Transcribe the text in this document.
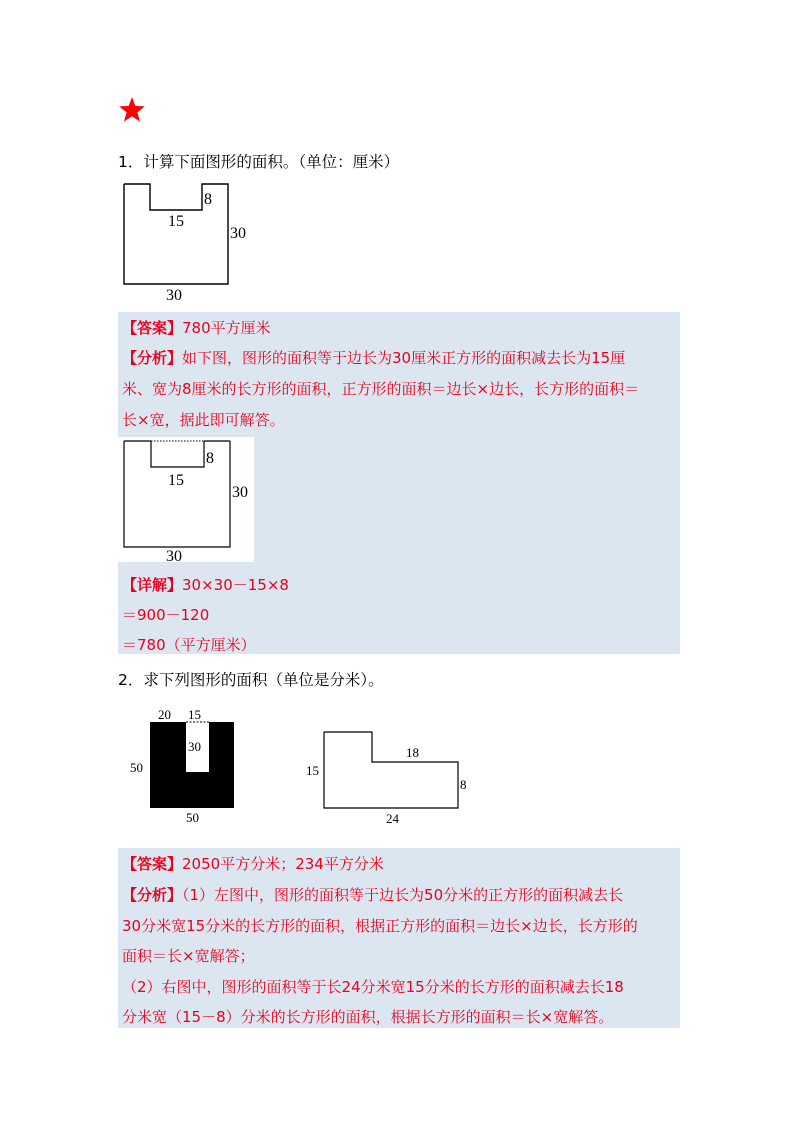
1．计算下面图形的面积。（单位：厘米）
15
8
30
30
【答案】780平方厘米
【分析】如下图，图形的面积等于边长为30厘米正方形的面积减去长为15厘
米、宽为8厘米的长方形的面积，正方形的面积＝边长×边长，长方形的面积＝
长×宽，据此即可解答。
15
8
30
30
【详解】30×30－15×8
＝900－120
＝780（平方厘米）
2．求下列图形的面积（单位是分米）。
20 15
30
50
50
18
15
8
24
【答案】2050平方分米；234平方分米
【分析】（1）左图中，图形的面积等于边长为50分米的正方形的面积减去长
30分米宽15分米的长方形的面积，根据正方形的面积＝边长×边长，长方形的
面积＝长×宽解答；
（2）右图中，图形的面积等于长24分米宽15分米的长方形的面积减去长18
分米宽（15－8）分米的长方形的面积，根据长方形的面积＝长×宽解答。
